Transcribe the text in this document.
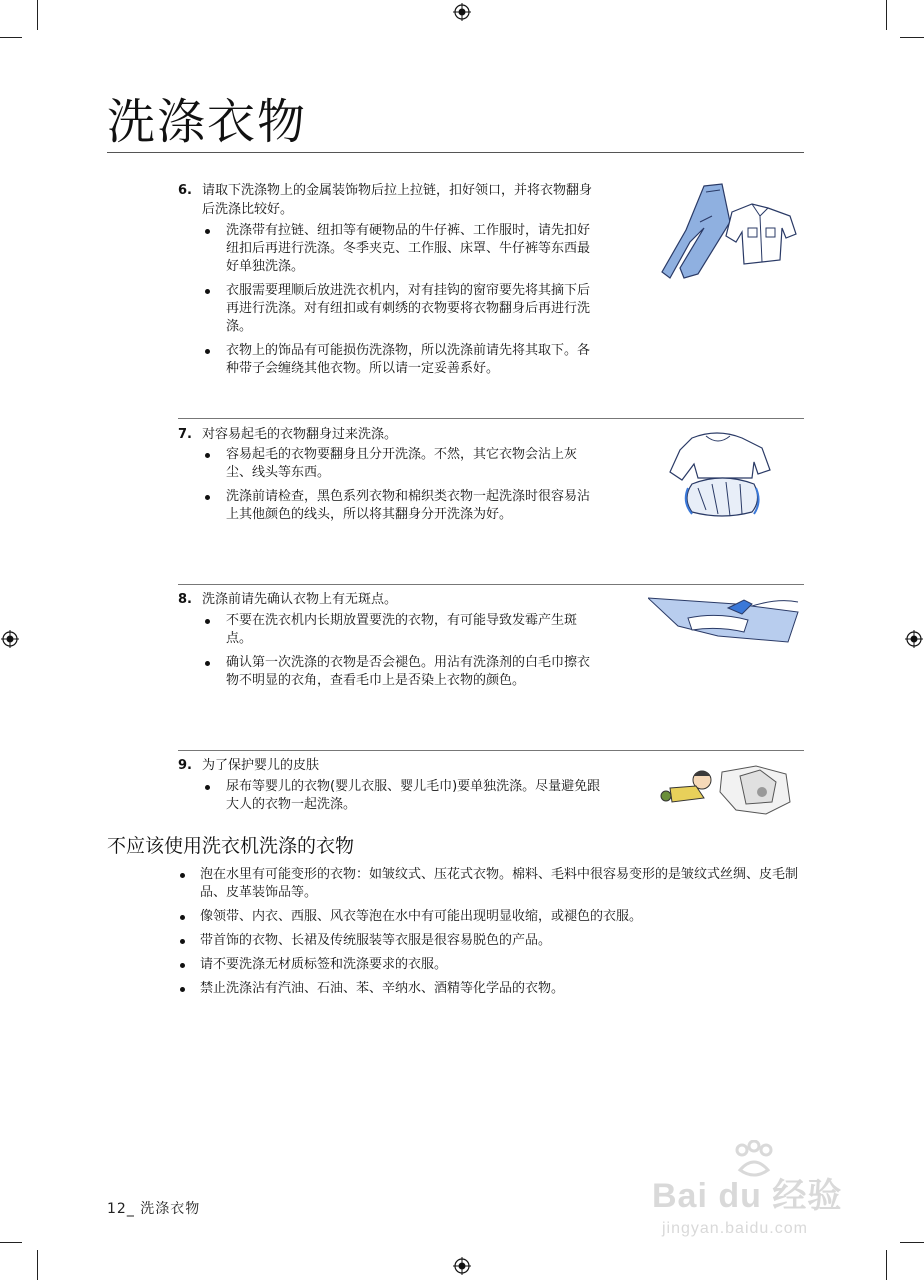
洗涤衣物
6. 请取下洗涤物上的金属装饰物后拉上拉链，扣好领口，并将衣物翻身后洗涤比较好。
洗涤带有拉链、纽扣等有硬物品的牛仔裤、工作服时，请先扣好纽扣后再进行洗涤。冬季夹克、工作服、床罩、牛仔裤等东西最好单独洗涤。
衣服需要理顺后放进洗衣机内，对有挂钩的窗帘要先将其摘下后再进行洗涤。对有纽扣或有刺绣的衣物要将衣物翻身后再进行洗涤。
衣物上的饰品有可能损伤洗涤物，所以洗涤前请先将其取下。各种带子会缠绕其他衣物。所以请一定妥善系好。
7. 对容易起毛的衣物翻身过来洗涤。
容易起毛的衣物要翻身且分开洗涤。不然，其它衣物会沾上灰尘、线头等东西。
洗涤前请检查，黑色系列衣物和棉织类衣物一起洗涤时很容易沾上其他颜色的线头，所以将其翻身分开洗涤为好。
8. 洗涤前请先确认衣物上有无斑点。
不要在洗衣机内长期放置要洗的衣物，有可能导致发霉产生斑点。
确认第一次洗涤的衣物是否会褪色。用沾有洗涤剂的白毛巾擦衣物不明显的衣角，查看毛巾上是否染上衣物的颜色。
9. 为了保护婴儿的皮肤
尿布等婴儿的衣物(婴儿衣服、婴儿毛巾)要单独洗涤。尽量避免跟大人的衣物一起洗涤。
不应该使用洗衣机洗涤的衣物
泡在水里有可能变形的衣物：如皱纹式、压花式衣物。棉料、毛料中很容易变形的是皱纹式丝绸、皮毛制品、皮革装饰品等。
像领带、内衣、西服、风衣等泡在水中有可能出现明显收缩，或褪色的衣服。
带首饰的衣物、长裙及传统服装等衣服是很容易脱色的产品。
请不要洗涤无材质标签和洗涤要求的衣服。
禁止洗涤沾有汽油、石油、苯、辛纳水、酒精等化学品的衣物。
12_ 洗涤衣物	Bai du 经验
jingyan.baidu.com
